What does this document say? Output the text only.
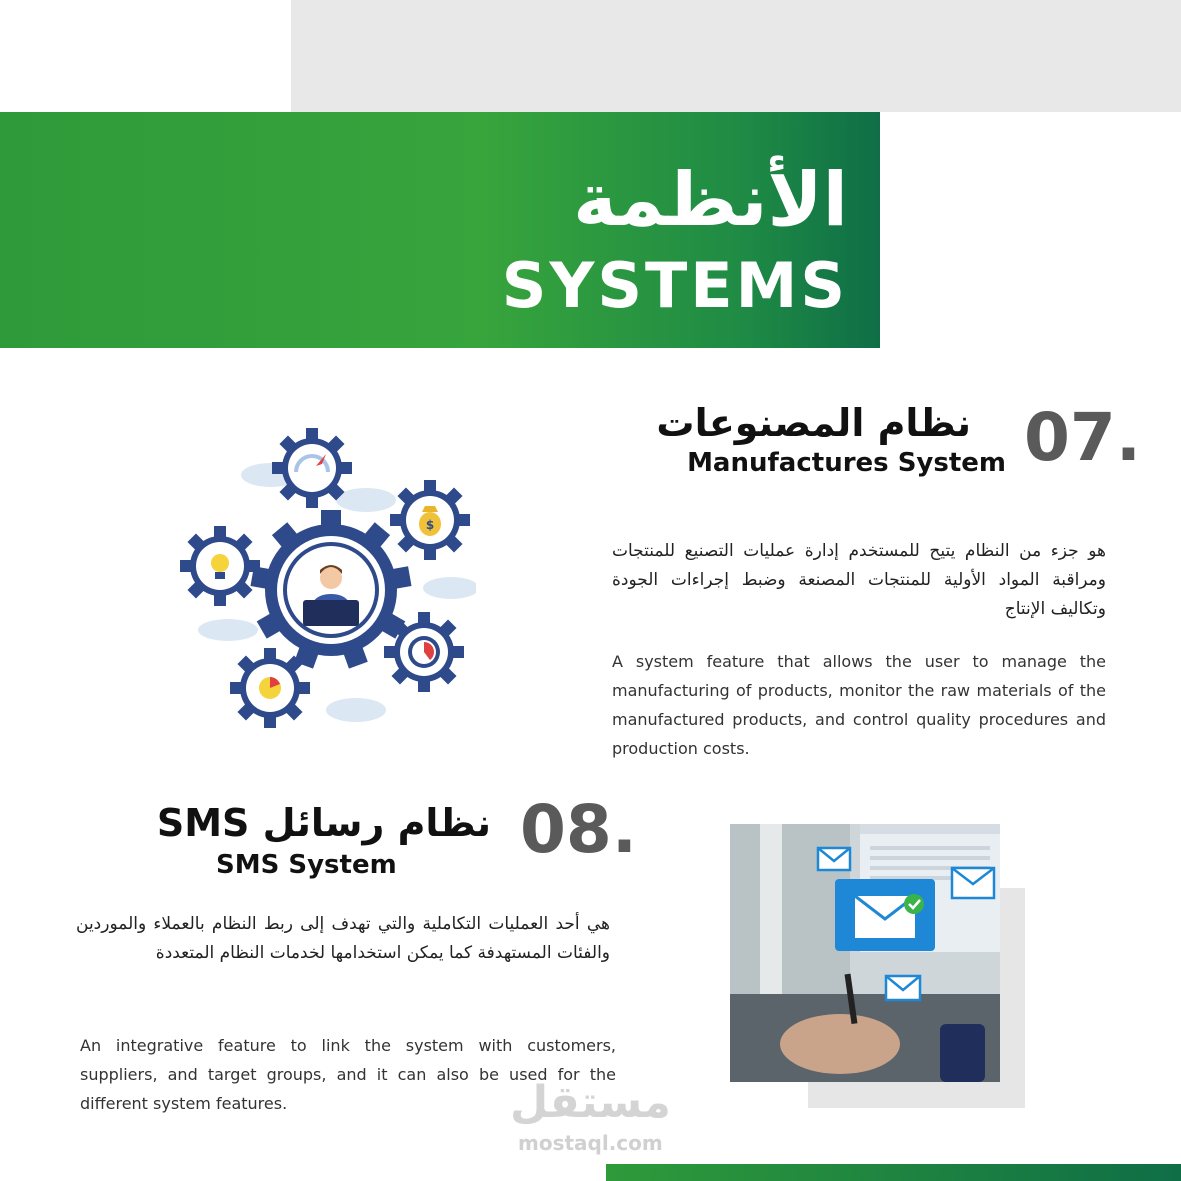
الأنظمة
SYSTEMS
07.
نظام المصنوعات
Manufactures System
هو جزء من النظام يتيح للمستخدم إدارة عمليات التصنيع للمنتجات ومراقبة المواد الأولية للمنتجات المصنعة وضبط إجراءات الجودة وتكاليف الإنتاج
A system feature that allows the user to manage the manufacturing of products, monitor the raw materials of the manufactured products, and control quality procedures and production costs.
08.
نظام رسائل SMS
SMS System
هي أحد العمليات التكاملية والتي تهدف إلى ربط النظام بالعملاء والموردين والفئات المستهدفة كما يمكن استخدامها لخدمات النظام المتعددة
An integrative feature to link the system with customers, suppliers, and target groups, and it can also be used for the different system features.
$
مستقل
mostaql.com
